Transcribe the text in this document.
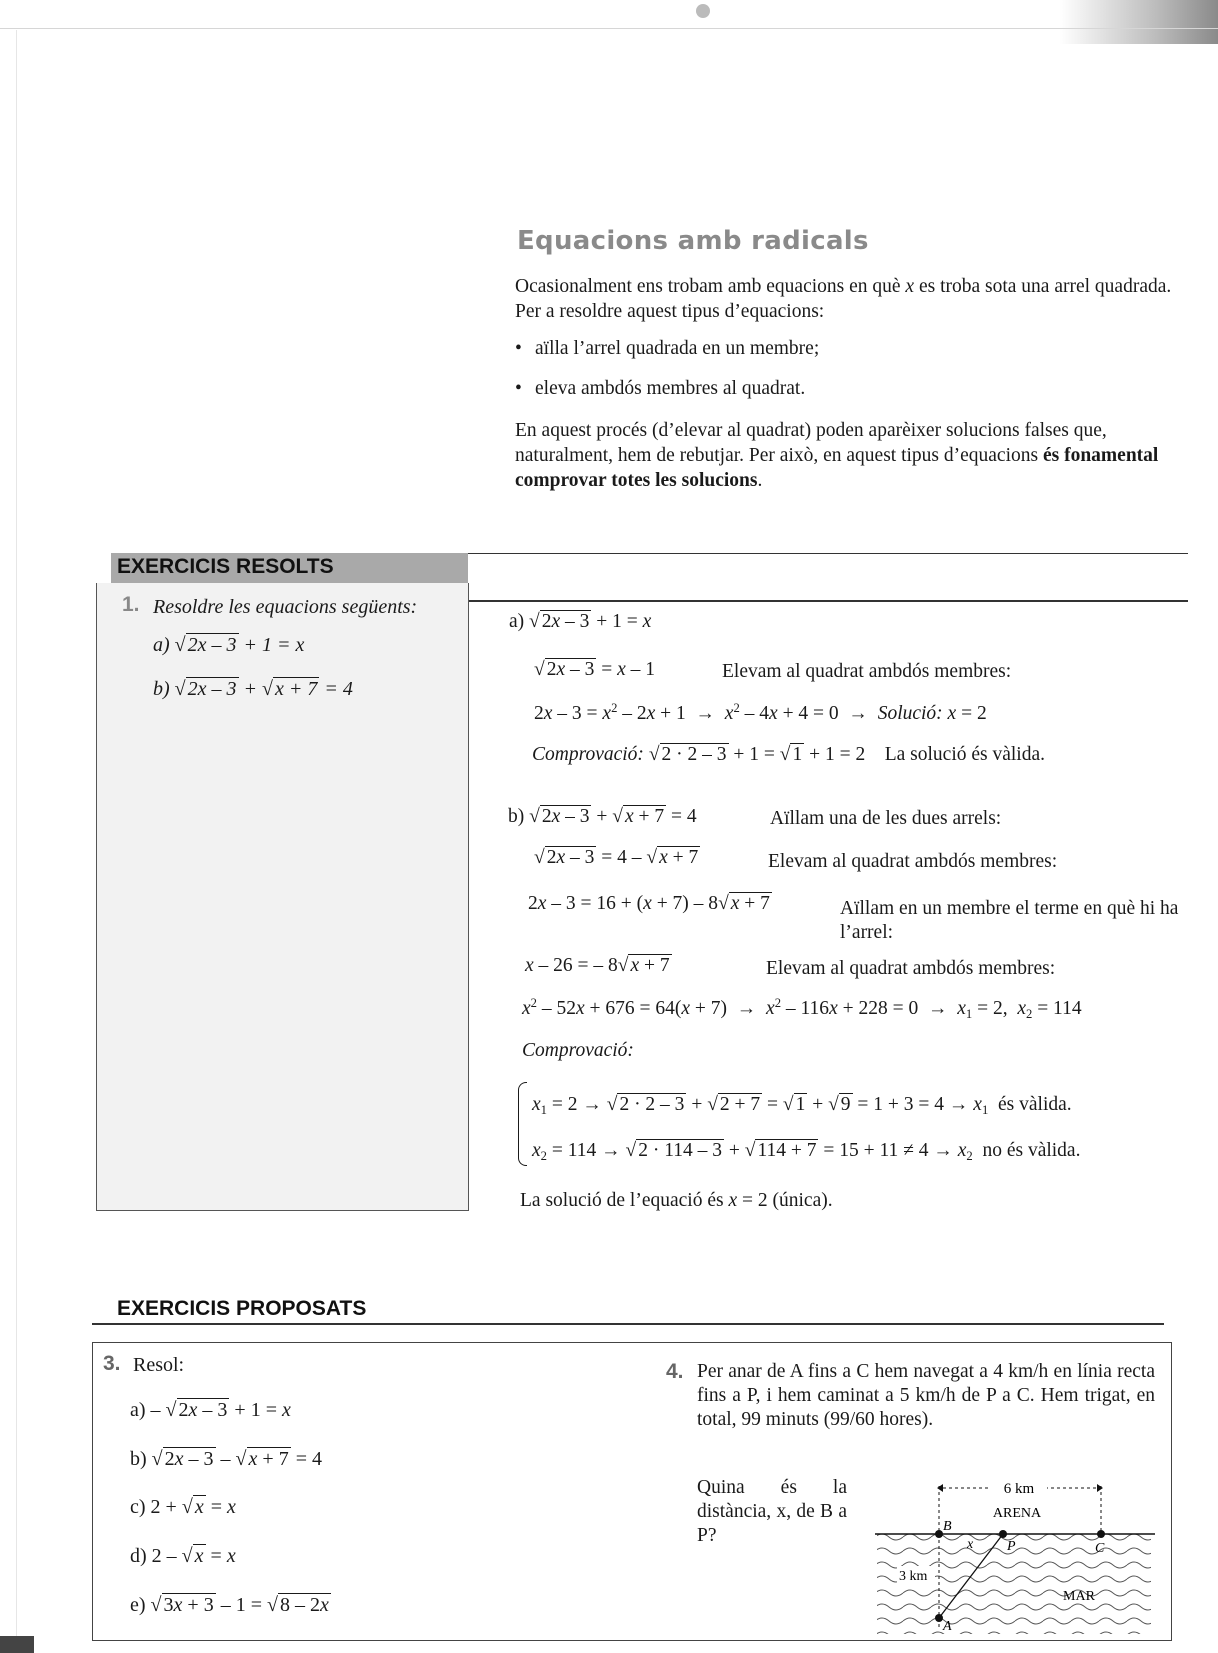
Equacions amb radicals
Ocasionalment ens trobam amb equacions en què x es troba sota una arrel quadrada. Per a resoldre aquest tipus d’equacions:
• aïlla l’arrel quadrada en un membre;
• eleva ambdós membres al quadrat.
En aquest procés (d’elevar al quadrat) poden aparèixer solucions falses que, naturalment, hem de rebutjar. Per això, en aquest tipus d’equacions és fonamental comprovar totes les solucions.
EXERCICIS RESOLTS
1. Resoldre les equacions següents:
a) √ 2x – 3 + 1 = x
b) √ 2x – 3 + √ x + 7 = 4
a) √ 2x – 3 + 1 = x
√ 2x – 3 = x – 1	Elevam al quadrat ambdós membres:
$2x - 3 = x^2 - 2x + 1 \to x^2 - 4x + 4 = 0$  →  Solució: x = 2
Comprovació: √ 2 · 2 – 3 + 1 = √ 1 + 1 = 2    La solució és vàlida.
b) √ 2x – 3 + √ x + 7 = 4	Aïllam una de les dues arrels:
√ 2x – 3 = 4 – √ x + 7	Elevam al quadrat ambdós membres:
2x – 3 = 16 + (x + 7) – 8√ x + 7	Aïllam en un membre el terme en què hi ha l’arrel:
x – 26 = – 8√ x + 7	Elevam al quadrat ambdós membres:
$x^2 - 52x + 676 = 64(x + 7) \to x^2 - 116x + 228 = 0 \to x_1 = 2$,  $x_2 = 114$
Comprovació:
$x_1 = 2$ → √ 2 · 2 – 3 + √ 2 + 7 = √ 1 + √ $9 = 1 + 3 = 4 \to x_1$ és vàlida.
$x_2 = 114$ → √ 2 · 114 – 3 + √ $114 + 7 = 15 + 11 \ne 4 \to x_2$ no és vàlida.
La solució de l’equació és x = 2 (única).
EXERCICIS PROPOSATS
3. Resol:
a) – √ 2x – 3 + 1 = x
b) √ 2x – 3 – √ x + 7 = 4
c) 2 + √ x = x
d) 2 – √ x = x
e) √ 3x + 3 – 1 = √ 8 – 2x
4. Per anar de A fins a C hem navegat a 4 km/h en línia recta fins a P, i hem caminat a 5 km/h de P a C. Hem trigat, en total, 99 minuts (99/60 hores).
Quina és la distància, x, de B a P?
6 km
ARENA
MAR
3 km
B
x P	C
A
